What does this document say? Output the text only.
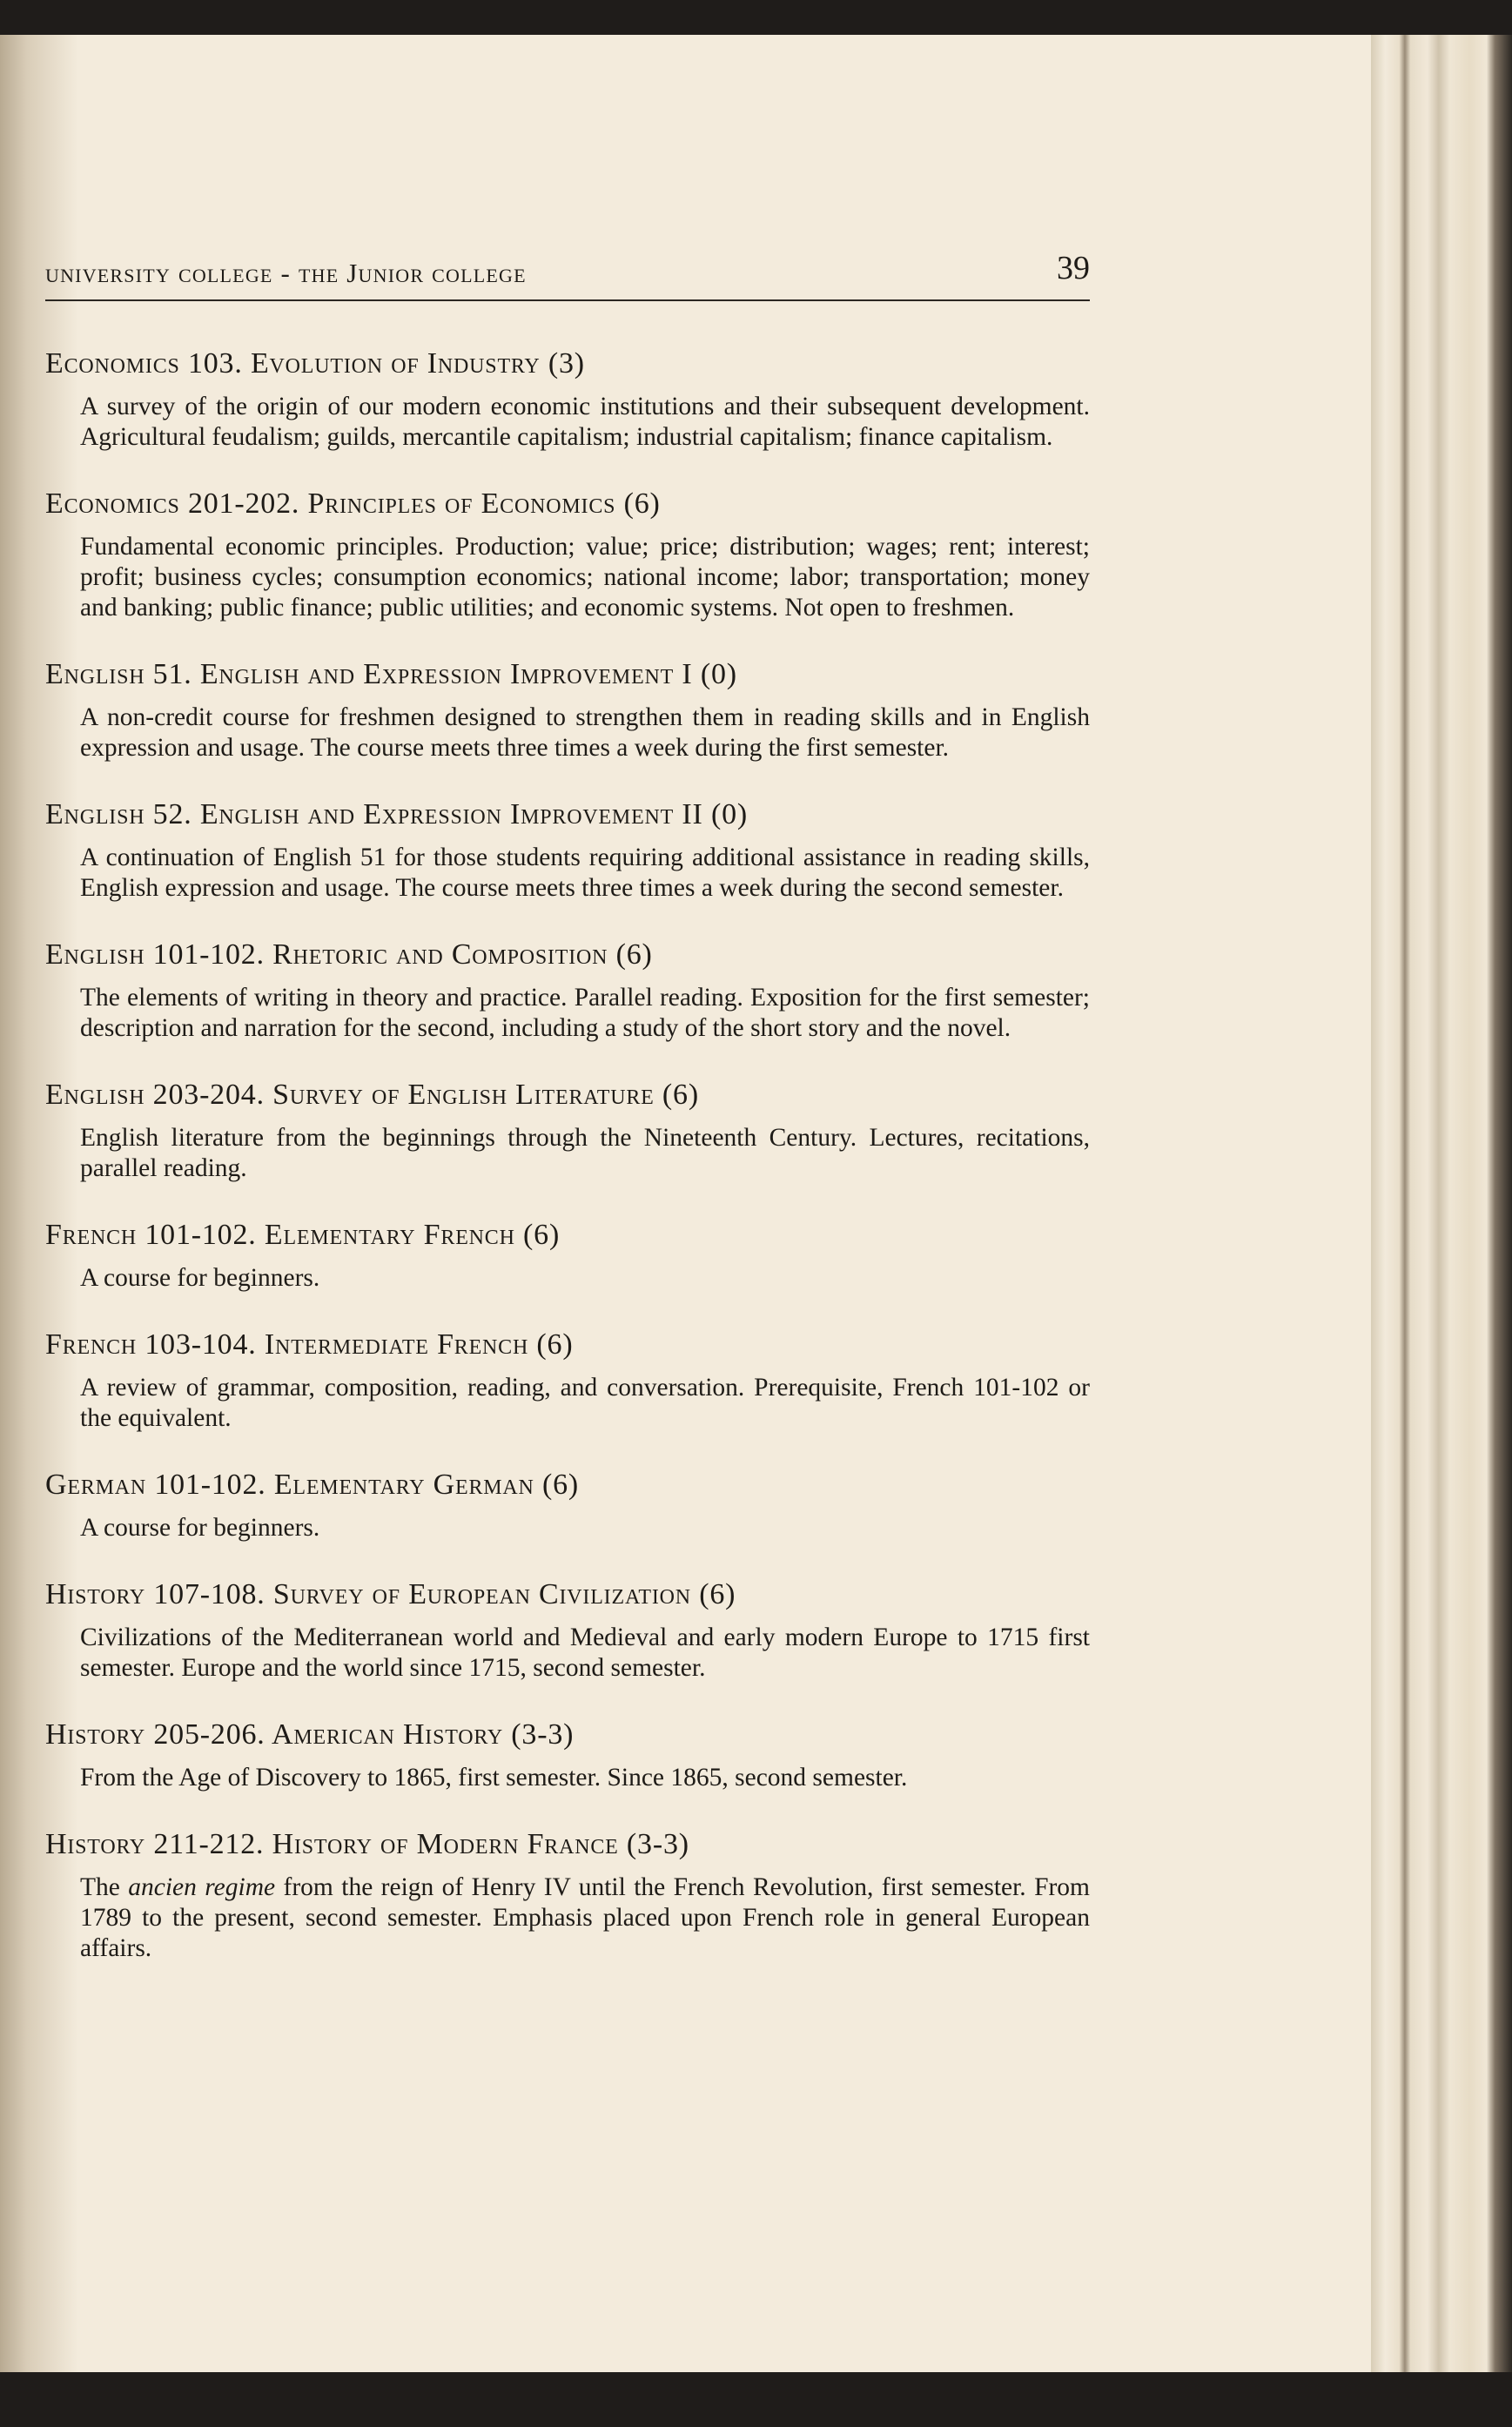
university college - the Junior college	39
Economics 103. Evolution of Industry (3)

A survey of the origin of our modern economic institutions and their subsequent development. Agricultural feudalism; guilds, mercantile capitalism; industrial capitalism; finance capitalism.

Economics 201-202. Principles of Economics (6)

Fundamental economic principles. Production; value; price; distribution; wages; rent; interest; profit; business cycles; consumption economics; national income; labor; transportation; money and banking; public finance; public utilities; and economic systems. Not open to freshmen.

English 51. English and Expression Improvement I (0)

A non-credit course for freshmen designed to strengthen them in reading skills and in English expression and usage. The course meets three times a week during the first semester.

English 52. English and Expression Improvement II (0)

A continuation of English 51 for those students requiring additional assistance in reading skills, English expression and usage. The course meets three times a week during the second semester.

English 101-102. Rhetoric and Composition (6)

The elements of writing in theory and practice. Parallel reading. Exposition for the first semester; description and narration for the second, including a study of the short story and the novel.

English 203-204. Survey of English Literature (6)

English literature from the beginnings through the Nineteenth Century. Lectures, recitations, parallel reading.

French 101-102. Elementary French (6)

A course for beginners.

French 103-104. Intermediate French (6)

A review of grammar, composition, reading, and conversation. Prerequisite, French 101-102 or the equivalent.

German 101-102. Elementary German (6)

A course for beginners.

History 107-108. Survey of European Civilization (6)

Civilizations of the Mediterranean world and Medieval and early modern Europe to 1715 first semester. Europe and the world since 1715, second semester.

History 205-206. American History (3-3)

From the Age of Discovery to 1865, first semester. Since 1865, second semester.

History 211-212. History of Modern France (3-3)

The ancien regime from the reign of Henry IV until the French Revolution, first semester. From 1789 to the present, second semester. Emphasis placed upon French role in general European affairs.
